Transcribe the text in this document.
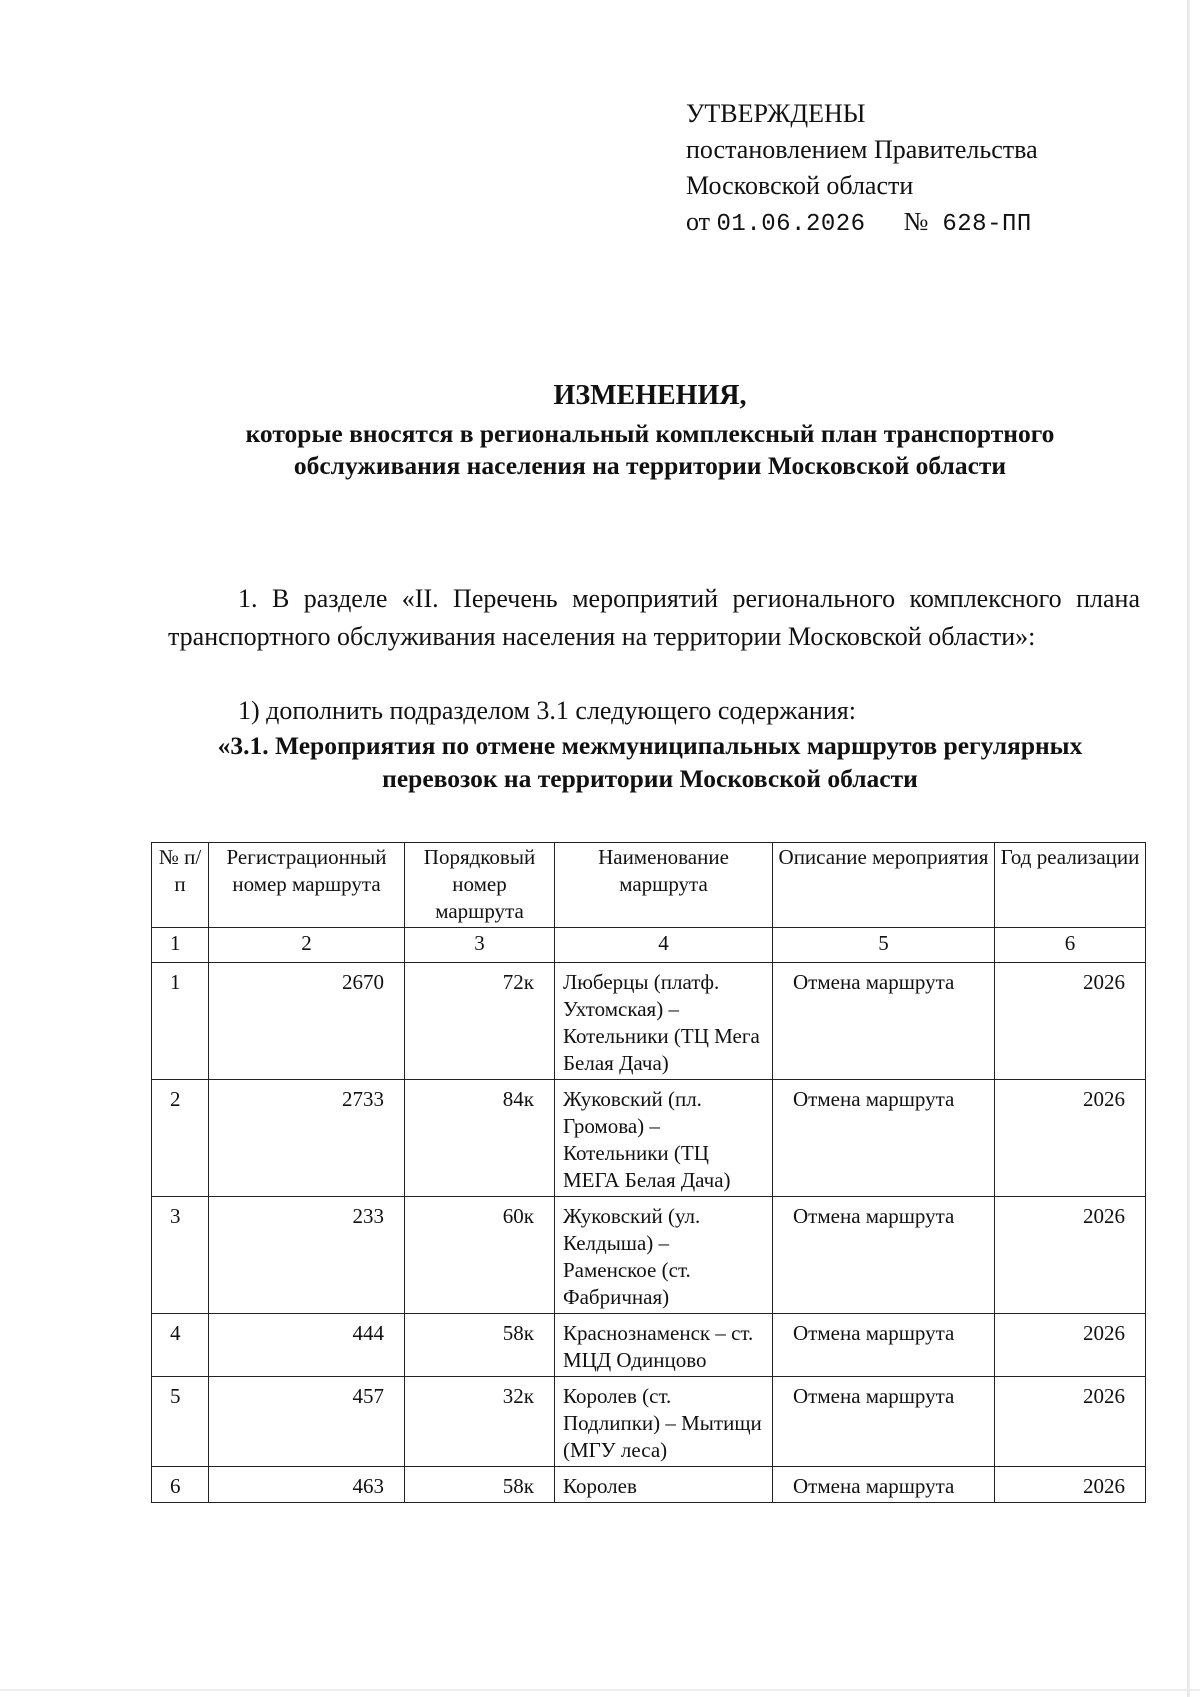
УТВЕРЖДЕНЫ
постановлением Правительства
Московской области
от 01.06.2026 № 628-ПП
ИЗМЕНЕНИЯ,
которые вносятся в региональный комплексный план транспортного
обслуживания населения на территории Московской области
1. В разделе «II. Перечень мероприятий регионального комплексного плана транспортного обслуживания населения на территории Московской области»:
1) дополнить подразделом 3.1 следующего содержания:
«3.1. Мероприятия по отмене межмуниципальных маршрутов регулярных
перевозок на территории Московской области
№ п/п	Регистрационный номер маршрута	Порядковый номер маршрута	Наименование маршрута	Описание мероприятия	Год реализации
1	2	3	4	5	6
1	2670	72к	Люберцы (платф. Ухтомская) – Котельники (ТЦ Мега Белая Дача)	Отмена маршрута	2026
2	2733	84к	Жуковский (пл. Громова) – Котельники (ТЦ МЕГА Белая Дача)	Отмена маршрута	2026
3	233	60к	Жуковский (ул. Келдыша) – Раменское (ст. Фабричная)	Отмена маршрута	2026
4	444	58к	Краснознаменск – ст. МЦД Одинцово	Отмена маршрута	2026
5	457	32к	Королев (ст. Подлипки) – Мытищи (МГУ леса)	Отмена маршрута	2026
6	463	58к	Королев	Отмена маршрута	2026
